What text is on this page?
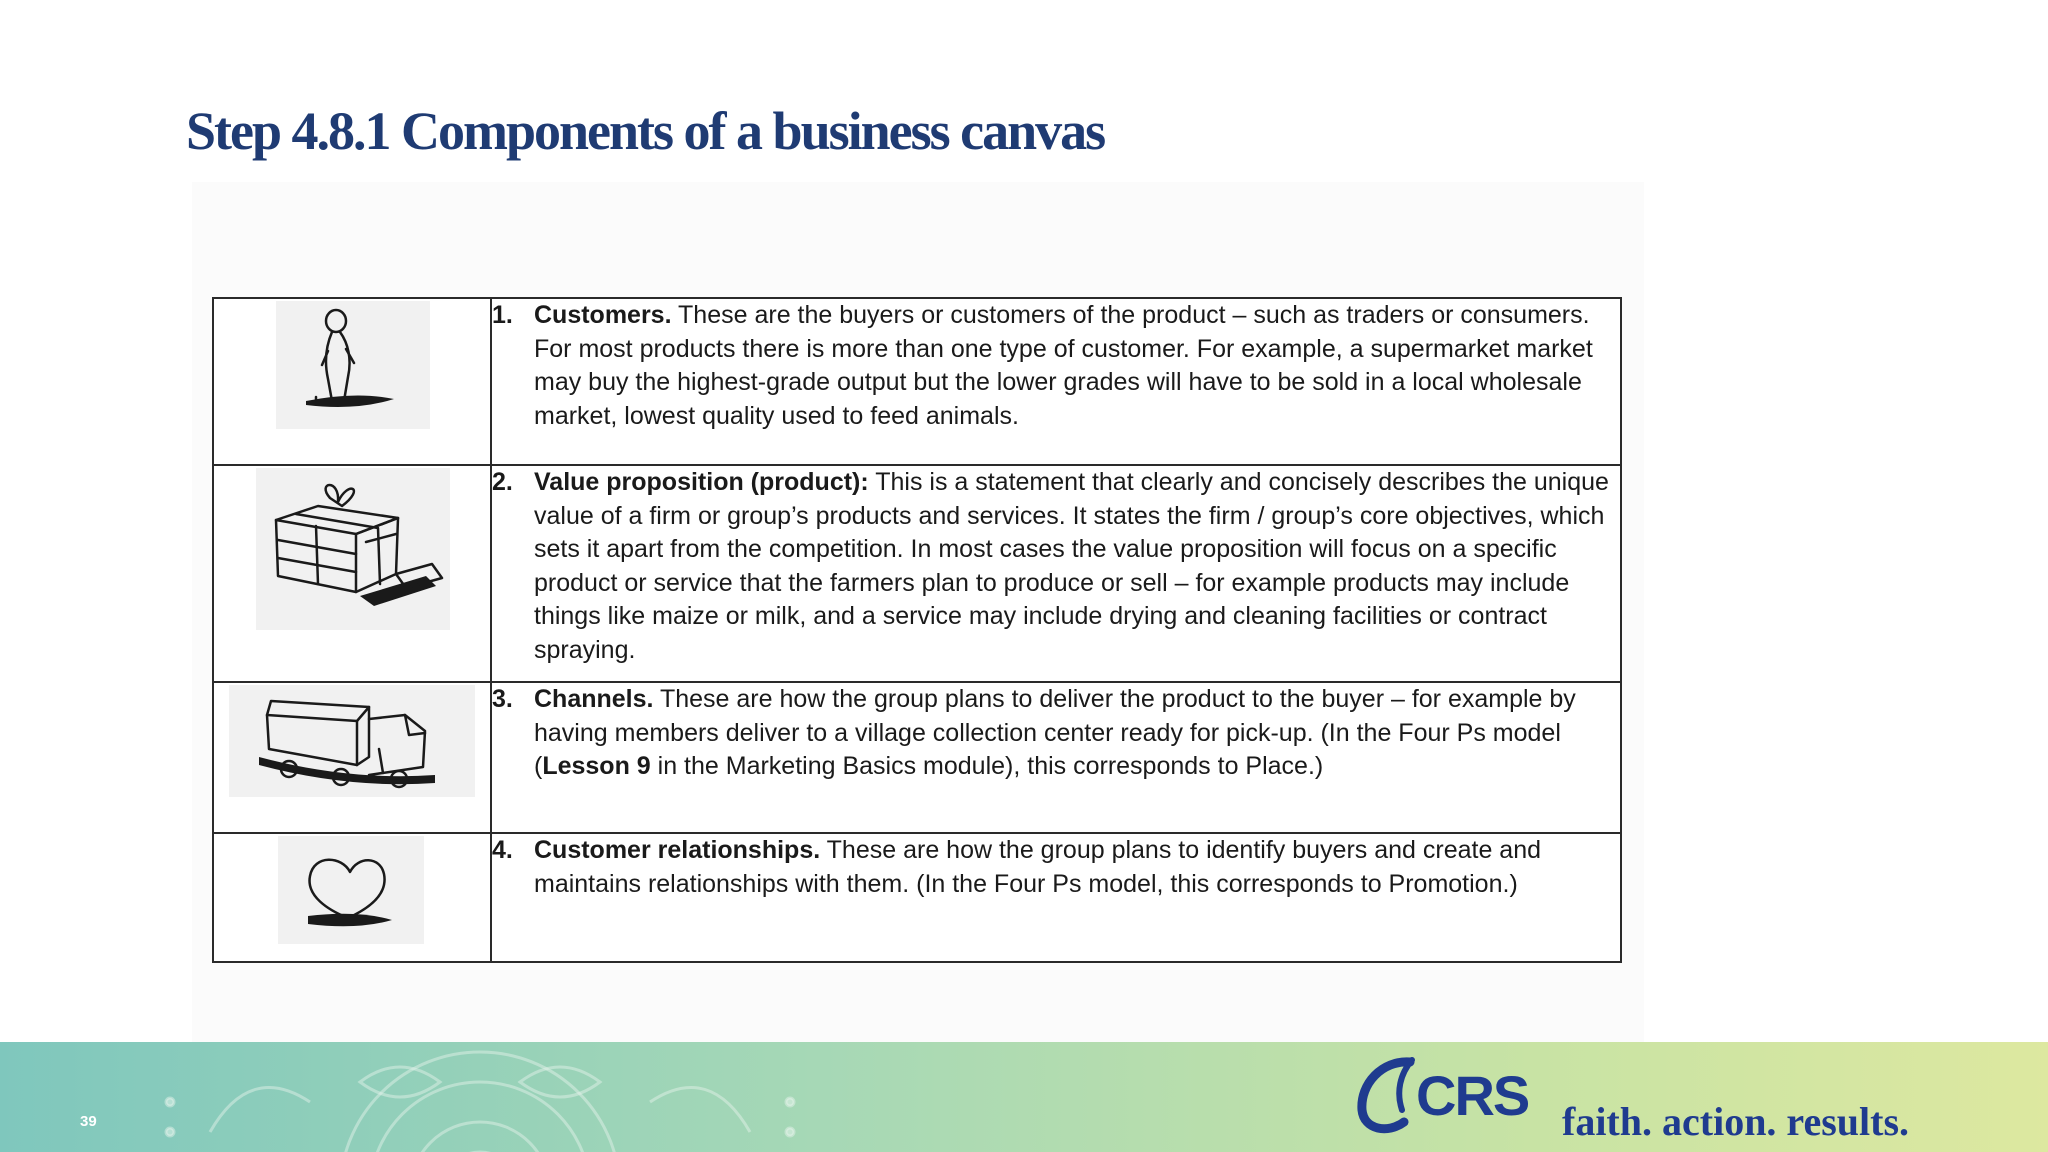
Step 4.8.1 Components of a business canvas

1. Customers. These are the buyers or customers of the product – such as traders or consumers. For most products there is more than one type of customer. For example, a supermarket market may buy the highest-grade output but the lower grades will have to be sold in a local wholesale market, lowest quality used to feed animals.

2. Value proposition (product): This is a statement that clearly and concisely describes the unique value of a firm or group’s products and services. It states the firm / group’s core objectives, which sets it apart from the competition. In most cases the value proposition will focus on a specific product or service that the farmers plan to produce or sell – for example products may include things like maize or milk, and a service may include drying and cleaning facilities or contract spraying.

3. Channels. These are how the group plans to deliver the product to the buyer – for example by having members deliver to a village collection center ready for pick-up. (In the Four Ps model (Lesson 9 in the Marketing Basics module), this corresponds to Place.)

4. Customer relationships. These are how the group plans to identify buyers and create and maintains relationships with them. (In the Four Ps model, this corresponds to Promotion.)
39	CRS faith. action. results.
